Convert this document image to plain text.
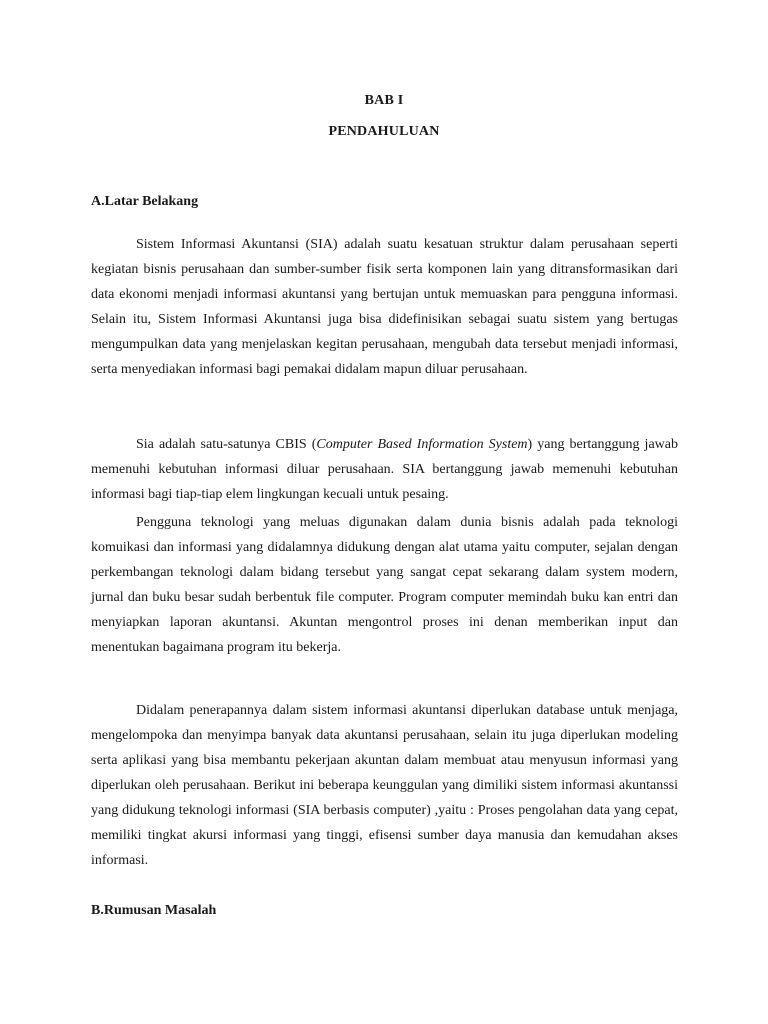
BAB I
PENDAHULUAN
A.Latar Belakang

Sistem Informasi Akuntansi (SIA) adalah suatu kesatuan struktur dalam perusahaan seperti kegiatan bisnis perusahaan dan sumber-sumber fisik serta komponen lain yang ditransformasikan dari data ekonomi menjadi informasi akuntansi yang bertujan untuk memuaskan para pengguna informasi. Selain itu, Sistem Informasi Akuntansi juga bisa didefinisikan sebagai suatu sistem yang bertugas mengumpulkan data yang menjelaskan kegitan perusahaan, mengubah data tersebut menjadi informasi, serta menyediakan informasi bagi pemakai didalam mapun diluar perusahaan.

Sia adalah satu-satunya CBIS (Computer Based Information System) yang bertanggung jawab memenuhi kebutuhan informasi diluar perusahaan. SIA bertanggung jawab memenuhi kebutuhan informasi bagi tiap-tiap elem lingkungan kecuali untuk pesaing.

Pengguna teknologi yang meluas digunakan dalam dunia bisnis adalah pada teknologi komuikasi dan informasi yang didalamnya didukung dengan alat utama yaitu computer, sejalan dengan perkembangan teknologi dalam bidang tersebut yang sangat cepat sekarang dalam system modern, jurnal dan buku besar sudah berbentuk file computer. Program computer memindah buku kan entri dan menyiapkan laporan akuntansi. Akuntan mengontrol proses ini denan memberikan input dan menentukan bagaimana program itu bekerja.

Didalam penerapannya dalam sistem informasi akuntansi diperlukan database untuk menjaga, mengelompoka dan menyimpa banyak data akuntansi perusahaan, selain itu juga diperlukan modeling serta aplikasi yang bisa membantu pekerjaan akuntan dalam membuat atau menyusun informasi yang diperlukan oleh perusahaan. Berikut ini beberapa keunggulan yang dimiliki sistem informasi akuntanssi yang didukung teknologi informasi (SIA berbasis computer) ,yaitu : Proses pengolahan data yang cepat, memiliki tingkat akursi informasi yang tinggi, efisensi sumber daya manusia dan kemudahan akses informasi.

B.Rumusan Masalah
